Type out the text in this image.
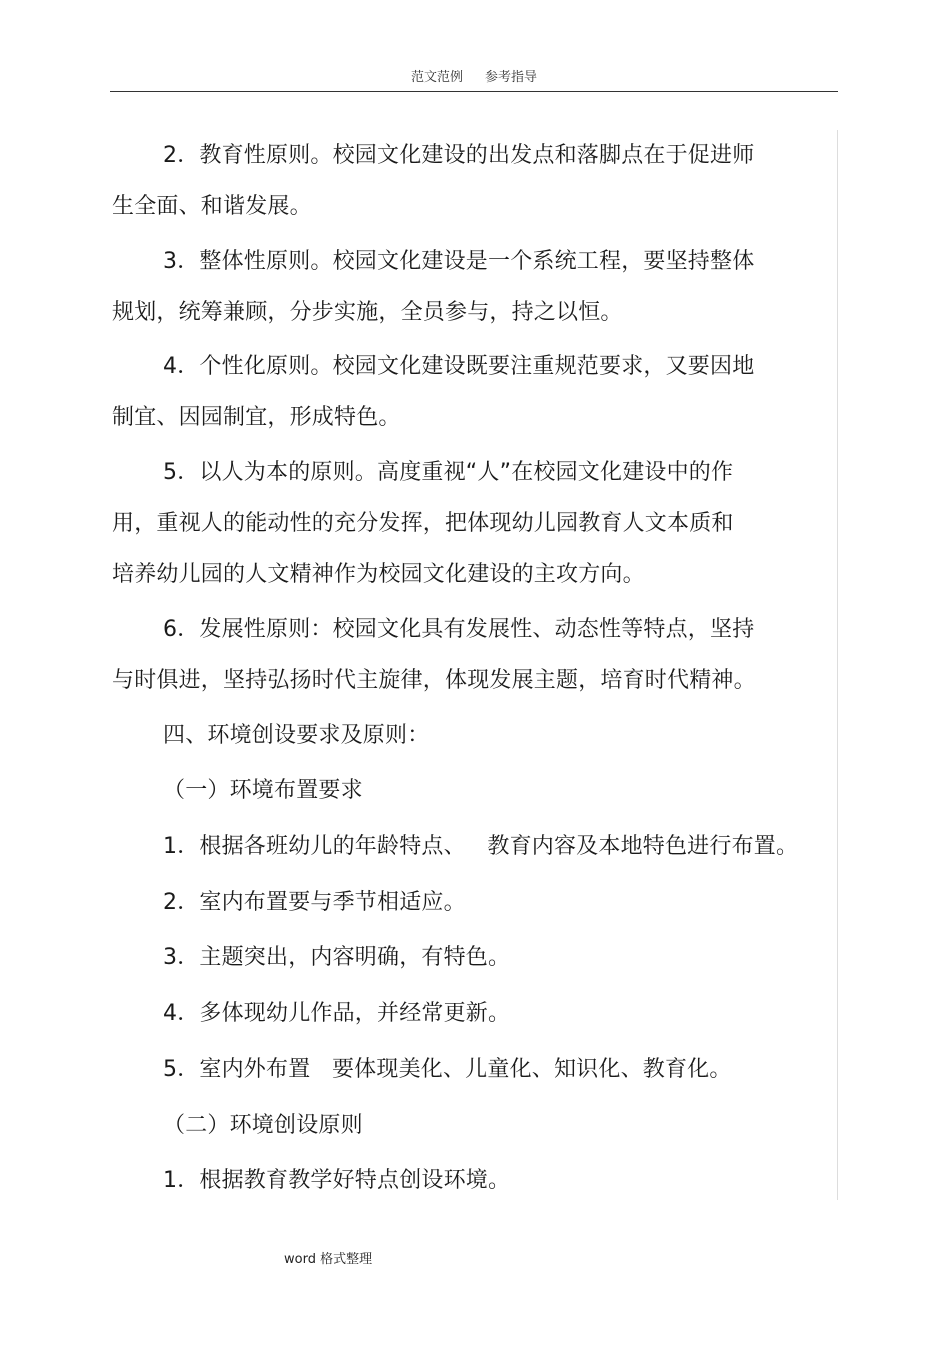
范文范例 参考指导
2．教育性原则。校园文化建设的出发点和落脚点在于促进师
生全面、和谐发展。
3．整体性原则。校园文化建设是一个系统工程，要坚持整体
规划，统筹兼顾，分步实施，全员参与，持之以恒。
4．个性化原则。校园文化建设既要注重规范要求，又要因地
制宜、因园制宜，形成特色。
5．以人为本的原则。高度重视“人”在校园文化建设中的作
用，重视人的能动性的充分发挥，把体现幼儿园教育人文本质和
培养幼儿园的人文精神作为校园文化建设的主攻方向。
6．发展性原则：校园文化具有发展性、动态性等特点，坚持
与时俱进，坚持弘扬时代主旋律，体现发展主题，培育时代精神。
四、环境创设要求及原则：
（一）环境布置要求
1．根据各班幼儿的年龄特点、   教育内容及本地特色进行布置。
2．室内布置要与季节相适应。
3．主题突出，内容明确，有特色。
4．多体现幼儿作品，并经常更新。
5．室内外布置   要体现美化、儿童化、知识化、教育化。
（二）环境创设原则
1．根据教育教学好特点创设环境。
word 格式整理
